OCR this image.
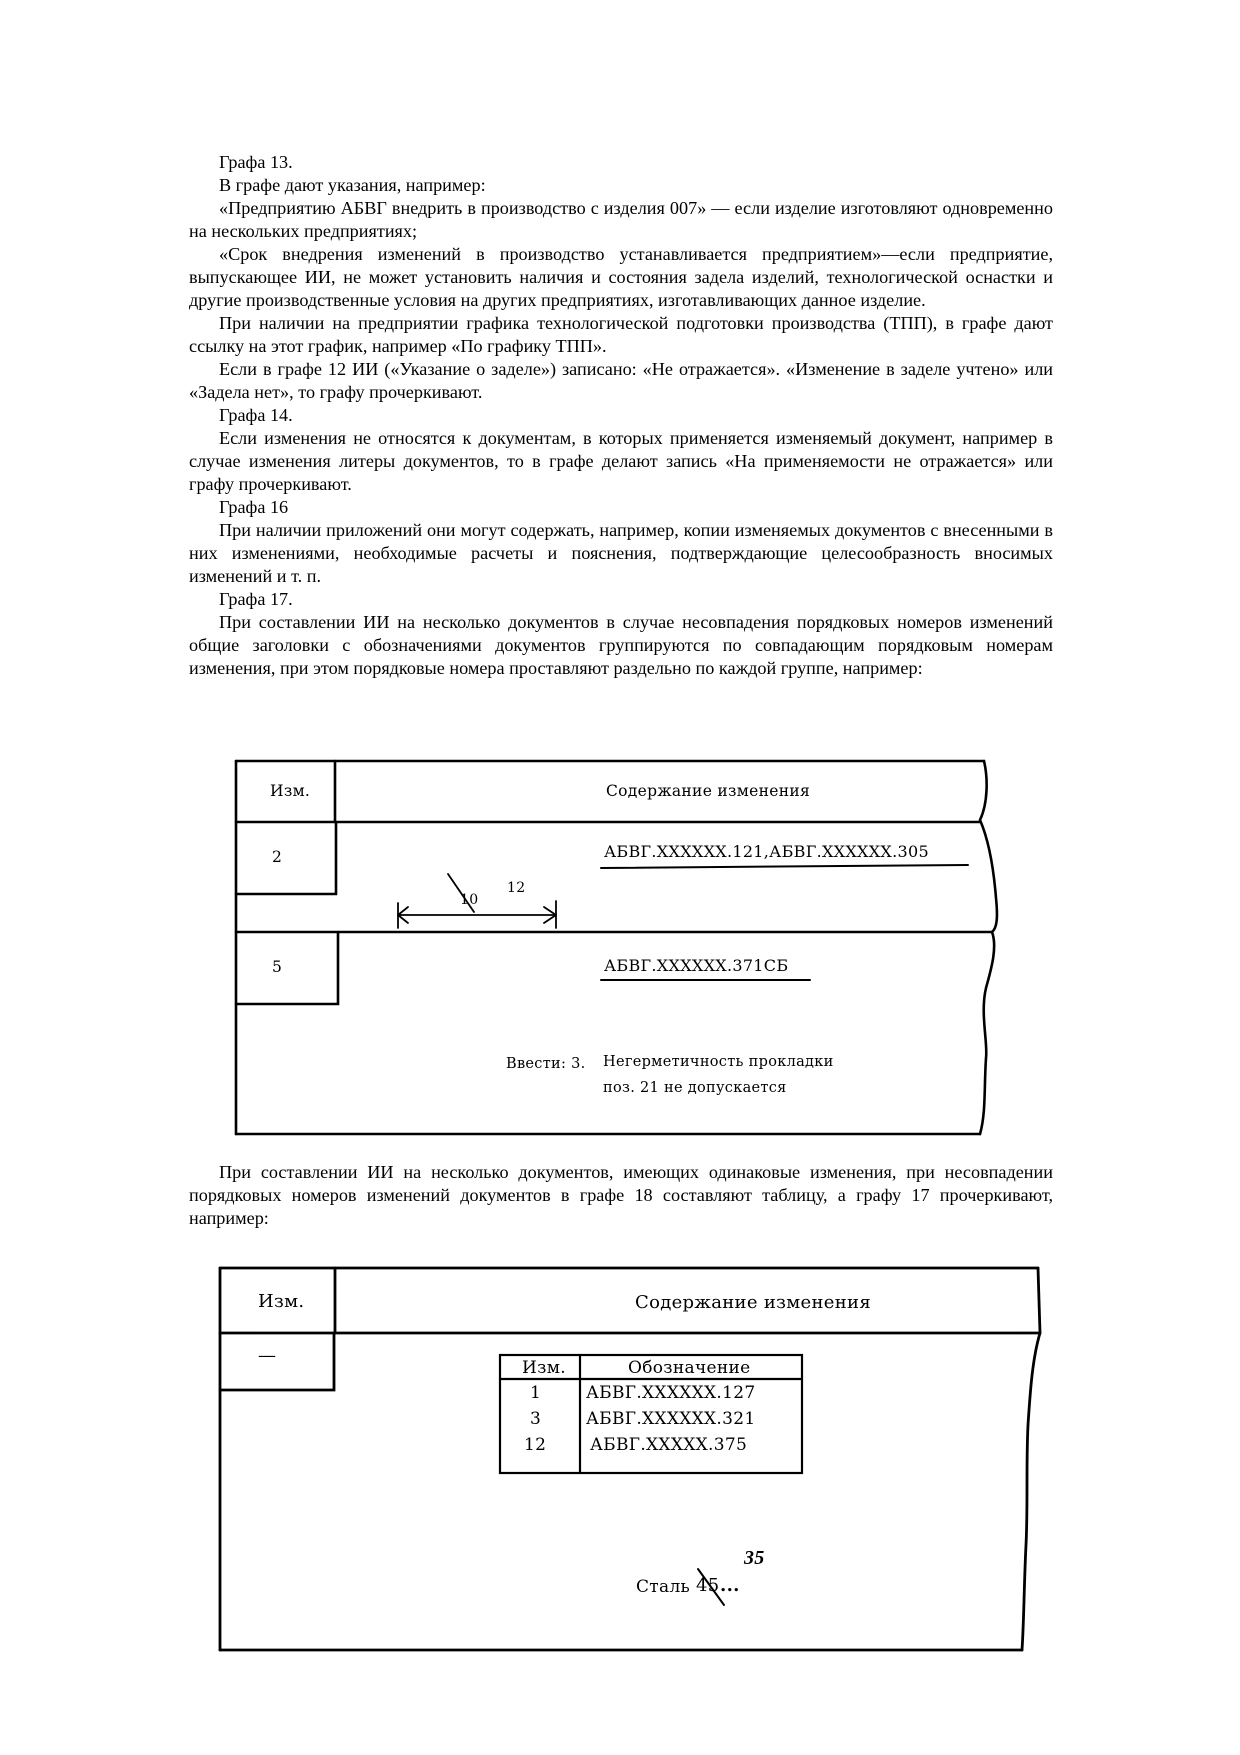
Графа 13.

В графе дают указания, например:

«Предприятию АБВГ внедрить в производство с изделия 007» — если изделие изготовляют одновременно на нескольких предприятиях;

«Срок внедрения изменений в производство устанавливается предприятием»—если предприятие, выпускающее ИИ, не может установить наличия и состояния задела изделий, технологической оснастки и другие производственные условия на других предприятиях, изготавливающих данное изделие.

При наличии на предприятии графика технологической подготовки производства (ТПП), в графе дают ссылку на этот график, например «По графику ТПП».

Если в графе 12 ИИ («Указание о заделе») записано: «Не отражается». «Изменение в заделе учтено» или «Задела нет», то графу прочеркивают.

Графа 14.

Если изменения не относятся к документам, в которых применяется изменяемый документ, например в случае изменения литеры документов, то в графе делают запись «На применяемости не отражается» или графу прочеркивают.

Графа 16

При наличии приложений они могут содержать, например, копии изменяемых документов с внесенными в них изменениями, необходимые расчеты и пояснения, подтверждающие целесообразность вносимых изменений и т. п.

Графа 17.

При составлении ИИ на несколько документов в случае несовпадения порядковых номеров изменений общие заголовки с обозначениями документов группируются по совпадающим порядковым номерам изменения, при этом порядковые номера проставляют раздельно по каждой группе, например:

Изм.	Содержание изменения
2	АБВГ.XXXXXX.121,АБВГ.XXXXXX.305
10
12
5	АБВГ.XXXXXX.371СБ
Ввести: 3. Негерметичность прокладки
поз. 21 не допускается

При составлении ИИ на несколько документов, имеющих одинаковые изменения, при несовпадении порядковых номеров изменений документов в графе 18 составляют таблицу, а графу 17 прочеркивают, например:

Изм.	Содержание изменения
—
Изм.	Обозначение
1	АБВГ.XXXXXX.127
3	АБВГ.XXXXXX.321
12	АБВГ.XXXXX.375
35
Сталь 45 ...
